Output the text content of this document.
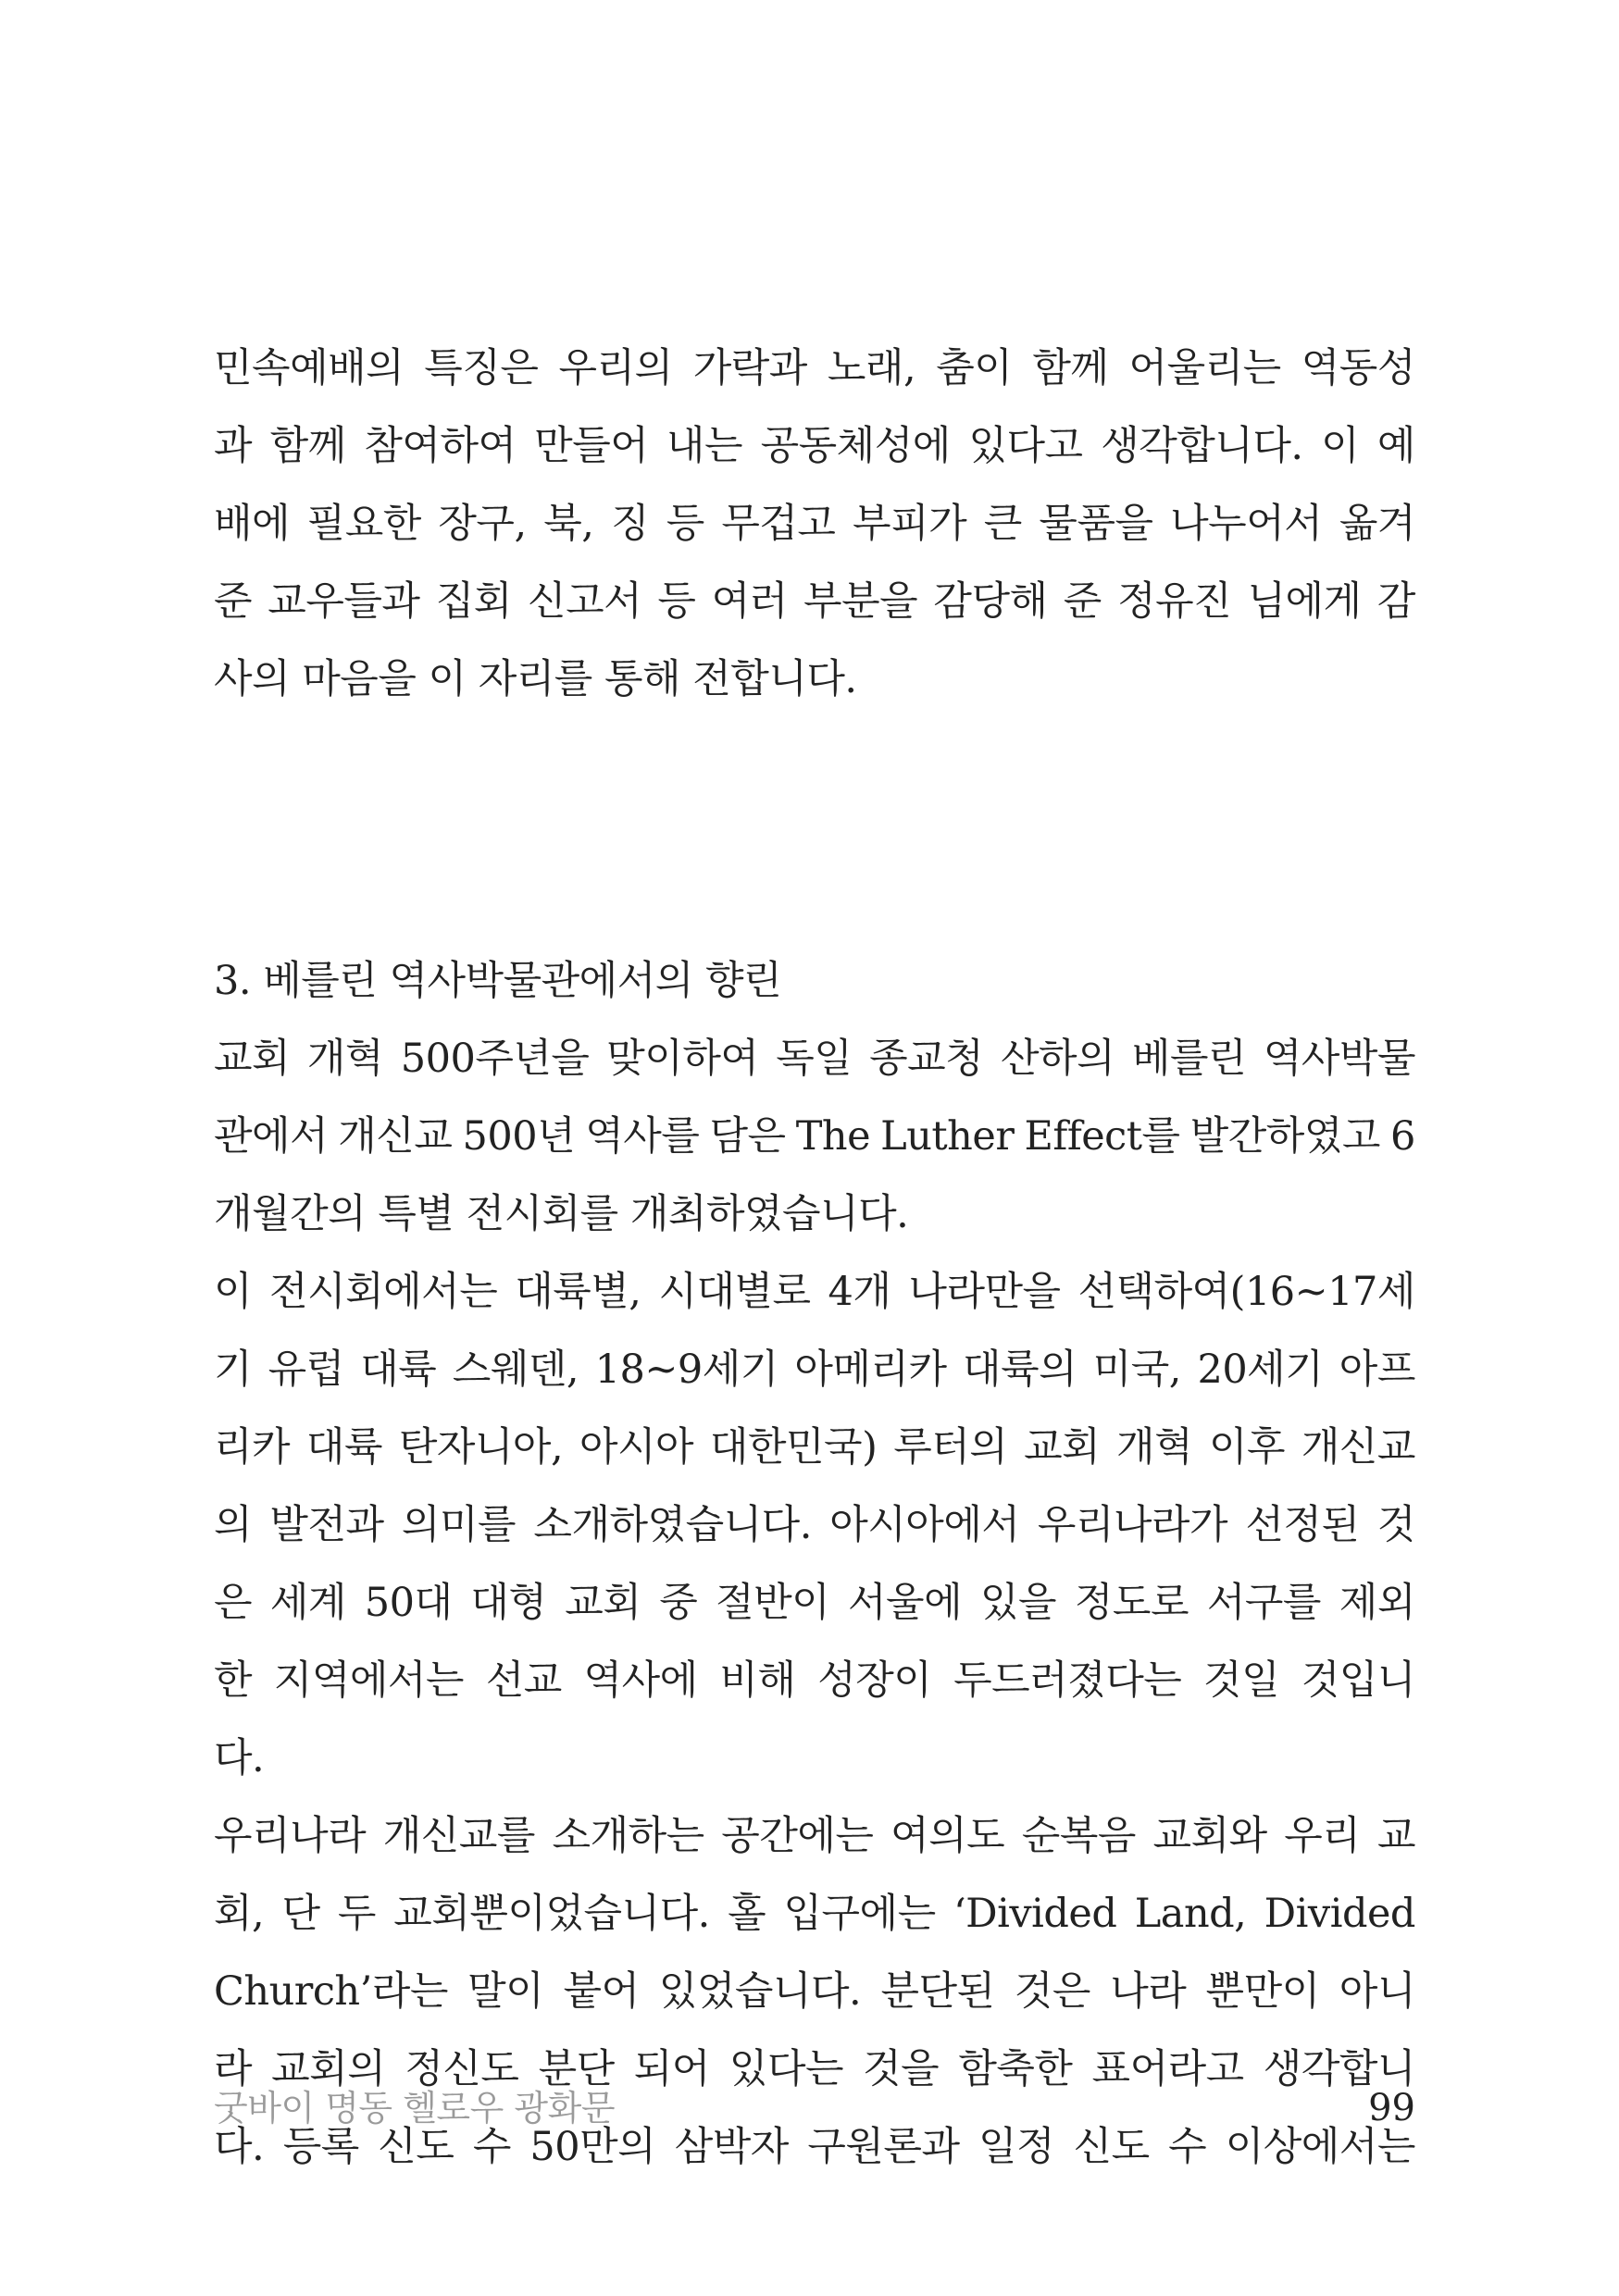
민속예배의 특징은 우리의 가락과 노래, 춤이 함께 어울리는 역동성
과 함께 참여하여 만들어 내는 공동체성에 있다고 생각합니다. 이 예
배에 필요한 장구, 북, 징 등 무겁고 부피가 큰 물품을 나누어서 옮겨
준 교우들과 집회 신고서 등 여러 부분을 감당해 준 정유진 님에게 감
사의 마음을 이 자리를 통해 전합니다.
3. 베를린 역사박물관에서의 향린
교회 개혁 500주년을 맞이하여 독일 종교청 산하의 베를린 역사박물
관에서 개신교 500년 역사를 담은 The Luther Effect를 발간하였고 6
개월간의 특별 전시회를 개최하였습니다.
이 전시회에서는 대륙별, 시대별로 4개 나라만을 선택하여(16~17세
기 유럽 대륙 스웨덴, 18~9세기 아메리카 대륙의 미국, 20세기 아프
리카 대륙 탄자니아, 아시아 대한민국) 루터의 교회 개혁 이후 개신교
의 발전과 의미를 소개하였습니다. 아시아에서 우리나라가 선정된 것
은 세계 50대 대형 교회 중 절반이 서울에 있을 정도로 서구를 제외
한 지역에서는 선교 역사에 비해 성장이 두드러졌다는 것일 것입니
다.
우리나라 개신교를 소개하는 공간에는 여의도 순복음 교회와 우리 교
회, 단 두 교회뿐이었습니다. 홀 입구에는 ‘Divided Land, Divided
Church’라는 말이 붙어 있었습니다. 분단된 것은 나라 뿐만이 아니
라 교회의 정신도 분단 되어 있다는 것을 함축한 표어라고 생각합니
다. 등록 신도 수 50만의 삼박자 구원론과 일정 신도 수 이상에서는
굿바이 명동 헬로우 광화문	99
